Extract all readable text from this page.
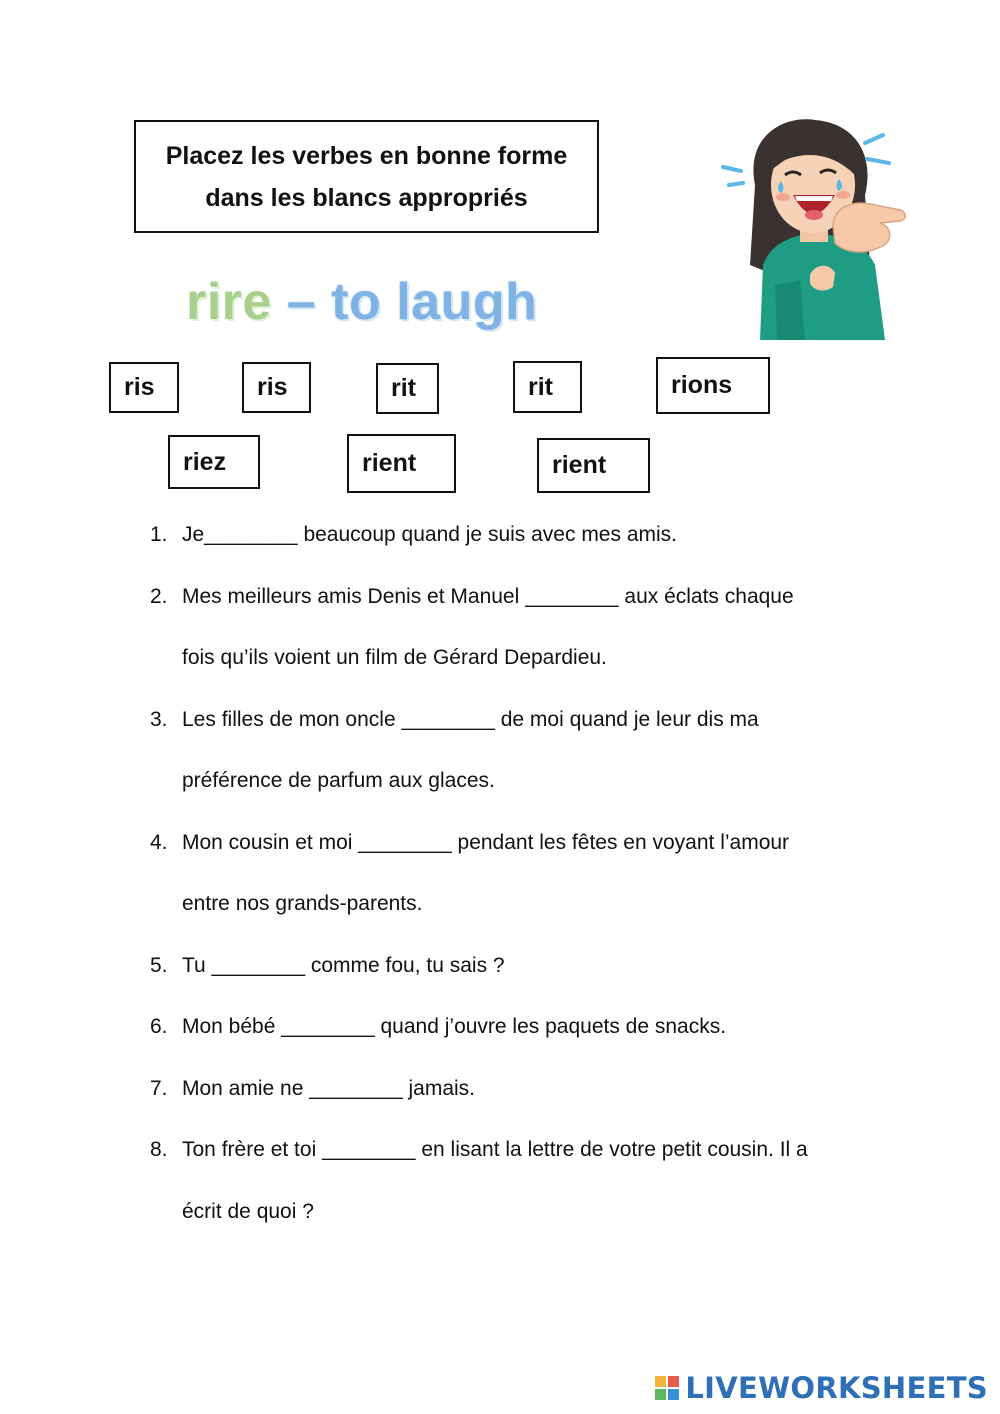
Placez les verbes en bonne forme dans les blancs appropriés
rire – to laugh
ris	ris	rit	rit	rions
riez	rient	rient
1. Je________ beaucoup quand je suis avec mes amis.
2. Mes meilleurs amis Denis et Manuel ________ aux éclats chaque
fois qu’ils voient un film de Gérard Depardieu.
3. Les filles de mon oncle ________ de moi quand je leur dis ma
préférence de parfum aux glaces.
4. Mon cousin et moi ________ pendant les fêtes en voyant l’amour
entre nos grands-parents.
5. Tu ________ comme fou, tu sais ?
6. Mon bébé ________ quand j’ouvre les paquets de snacks.
7. Mon amie ne ________ jamais.
8. Ton frère et toi ________ en lisant la lettre de votre petit cousin. Il a
écrit de quoi ?
LIVEWORKSHEETS
